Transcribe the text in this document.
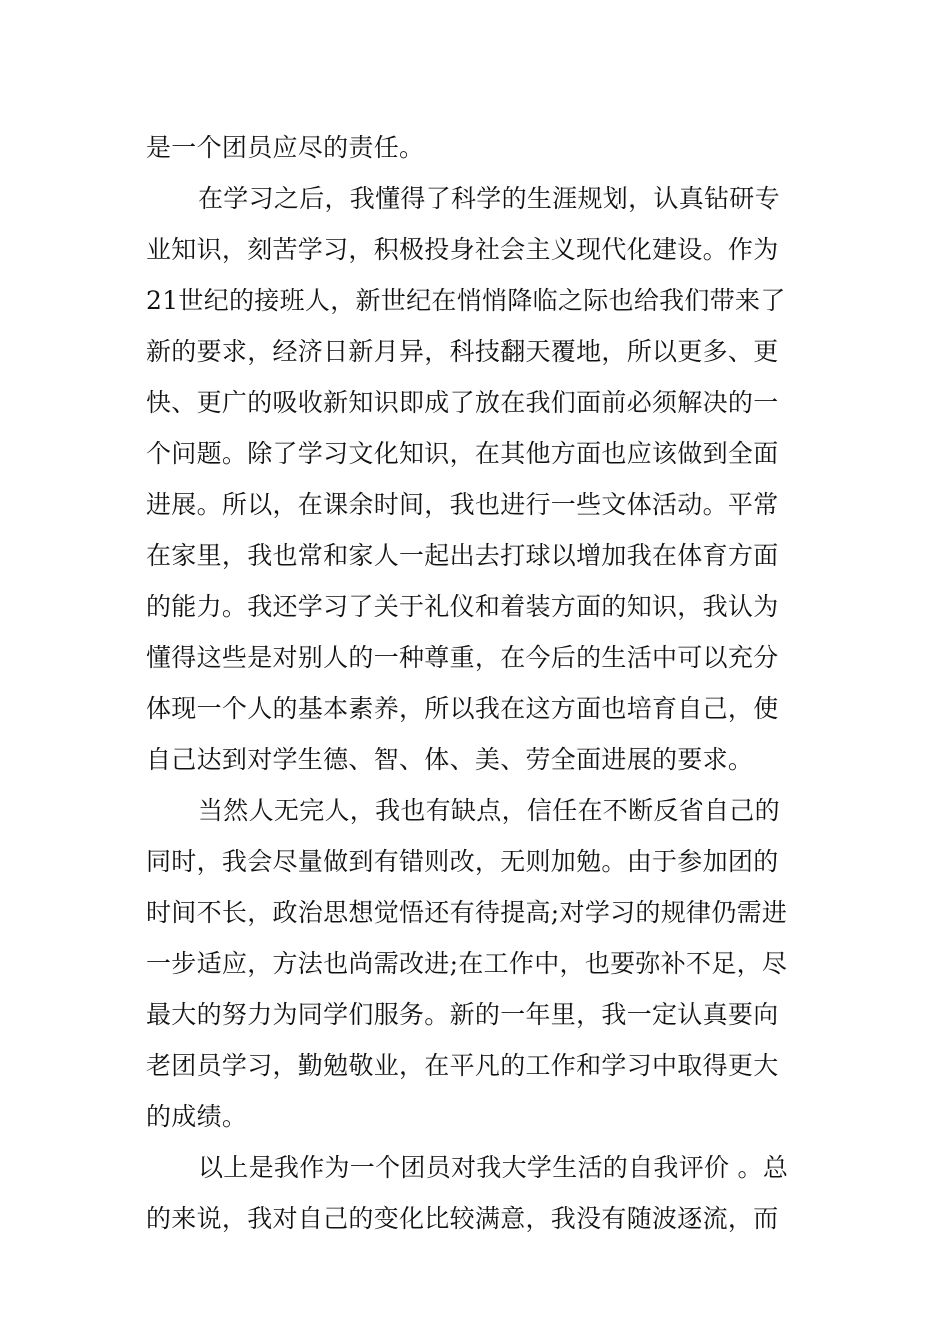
是一个团员应尽的责任。
在学习之后，我懂得了科学的生涯规划，认真钻研专
业知识，刻苦学习，积极投身社会主义现代化建设。作为
21世纪的接班人，新世纪在悄悄降临之际也给我们带来了
新的要求，经济日新月异，科技翻天覆地，所以更多、更
快、更广的吸收新知识即成了放在我们面前必须解决的一
个问题。除了学习文化知识，在其他方面也应该做到全面
进展。所以，在课余时间，我也进行一些文体活动。平常
在家里，我也常和家人一起出去打球以增加我在体育方面
的能力。我还学习了关于礼仪和着装方面的知识，我认为
懂得这些是对别人的一种尊重，在今后的生活中可以充分
体现一个人的基本素养，所以我在这方面也培育自己，使
自己达到对学生德、智、体、美、劳全面进展的要求。
当然人无完人，我也有缺点，信任在不断反省自己的
同时，我会尽量做到有错则改，无则加勉。由于参加团的
时间不长，政治思想觉悟还有待提高;对学习的规律仍需进
一步适应，方法也尚需改进;在工作中，也要弥补不足，尽
最大的努力为同学们服务。新的一年里，我一定认真要向
老团员学习，勤勉敬业，在平凡的工作和学习中取得更大
的成绩。
以上是我作为一个团员对我大学生活的自我评价 。总
的来说，我对自己的变化比较满意，我没有随波逐流，而
